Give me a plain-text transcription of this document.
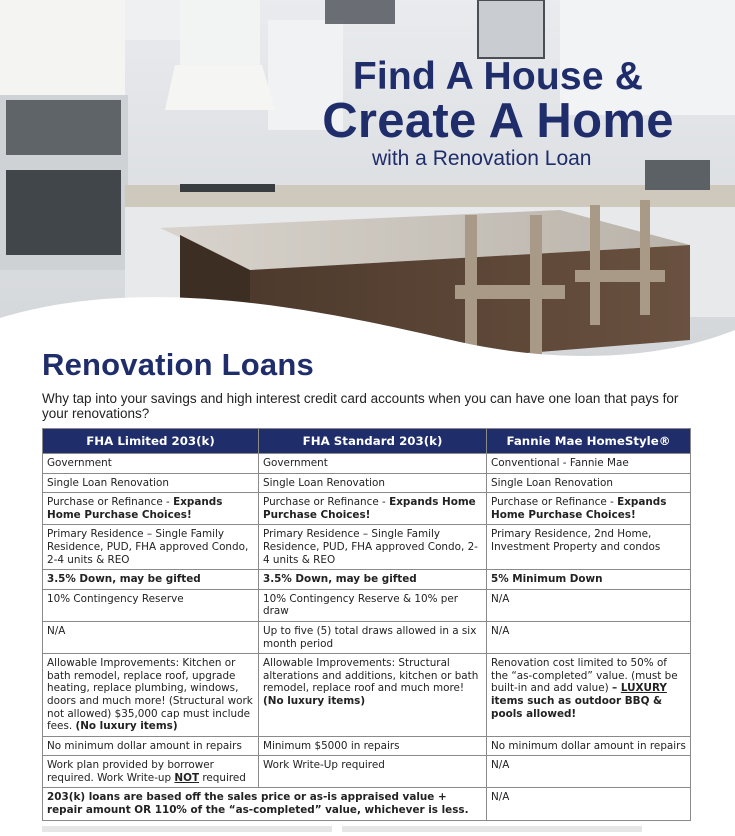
Find A House &
Create A Home
with a Renovation Loan
Renovation Loans

Why tap into your savings and high interest credit card accounts when you can have one loan that pays for your renovations?

FHA Limited 203(k)	FHA Standard 203(k)	Fannie Mae HomeStyle®
Government	Government	Conventional - Fannie Mae
Single Loan Renovation	Single Loan Renovation	Single Loan Renovation
Purchase or Refinance - Expands Home Purchase Choices!	Purchase or Refinance - Expands Home Purchase Choices!	Purchase or Refinance - Expands Home Purchase Choices!
Primary Residence – Single Family Residence, PUD, FHA approved Condo, 2-4 units & REO	Primary Residence – Single Family Residence, PUD, FHA approved Condo, 2-4 units & REO	Primary Residence, 2nd Home, Investment Property and condos
3.5% Down, may be gifted	3.5% Down, may be gifted	5% Minimum Down
10% Contingency Reserve	10% Contingency Reserve & 10% per draw	N/A
N/A	Up to five (5) total draws allowed in a six month period	N/A
Allowable Improvements: Kitchen or bath remodel, replace roof, upgrade heating, replace plumbing, windows, doors and much more! (Structural work not allowed) $35,000 cap must include fees. (No luxury items)	Allowable Improvements: Structural alterations and additions, kitchen or bath remodel, replace roof and much more! (No luxury items)	Renovation cost limited to 50% of the “as-completed” value. (must be built-in and add value) – LUXURY items such as outdoor BBQ & pools allowed!
No minimum dollar amount in repairs	Minimum $5000 in repairs	No minimum dollar amount in repairs
Work plan provided by borrower required. Work Write-up NOT required	Work Write-Up required	N/A
203(k) loans are based off the sales price or as-is appraised value + repair amount OR 110% of the “as-completed” value, whichever is less.		N/A
